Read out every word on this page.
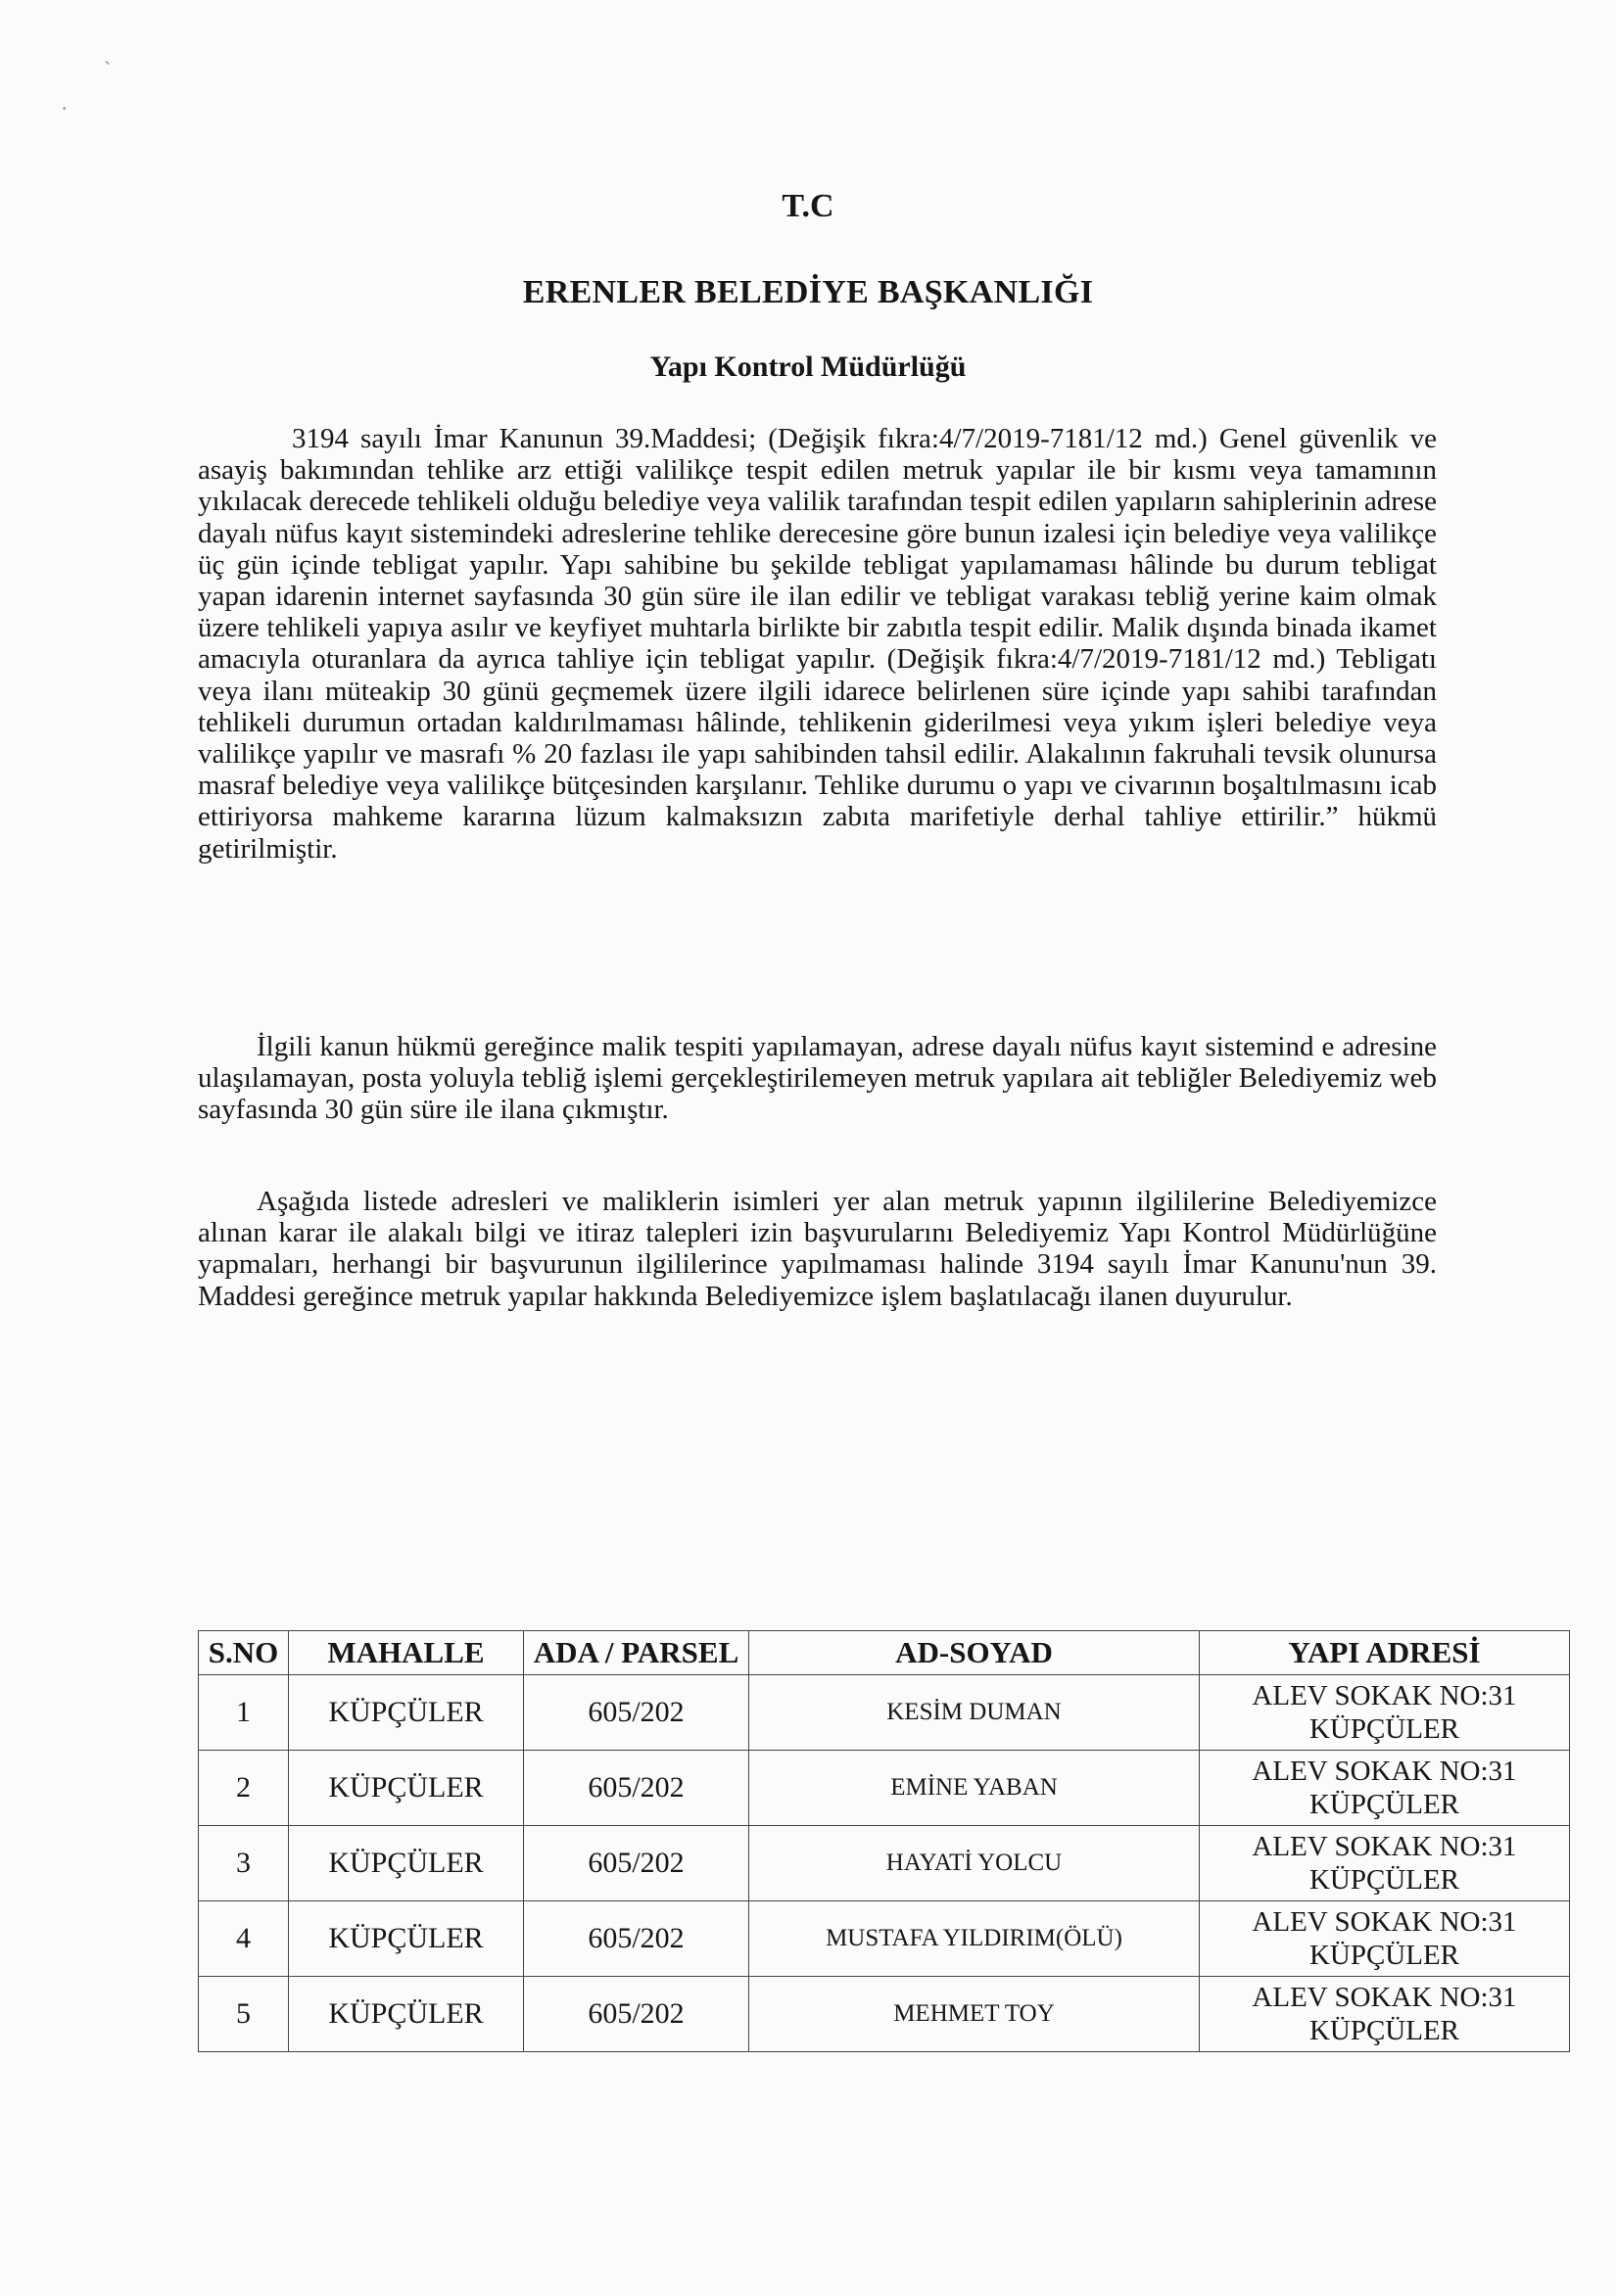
`
·
T.C
ERENLER BELEDİYE BAŞKANLIĞI
Yapı Kontrol Müdürlüğü

3194 sayılı İmar Kanunun 39.Maddesi; (Değişik fıkra:4/7/2019-7181/12 md.) Genel güvenlik ve asayiş bakımından tehlike arz ettiği valilikçe tespit edilen metruk yapılar ile bir kısmı veya tamamının yıkılacak derecede tehlikeli olduğu belediye veya valilik tarafından tespit edilen yapıların sahiplerinin adrese dayalı nüfus kayıt sistemindeki adreslerine tehlike derecesine göre bunun izalesi için belediye veya valilikçe üç gün içinde tebligat yapılır. Yapı sahibine bu şekilde tebligat yapılamaması hâlinde bu durum tebligat yapan idarenin internet sayfasında 30 gün süre ile ilan edilir ve tebligat varakası tebliğ yerine kaim olmak üzere tehlikeli yapıya asılır ve keyfiyet muhtarla birlikte bir zabıtla tespit edilir. Malik dışında binada ikamet amacıyla oturanlara da ayrıca tahliye için tebligat yapılır. (Değişik fıkra:4/7/2019-7181/12 md.) Tebligatı veya ilanı müteakip 30 günü geçmemek üzere ilgili idarece belirlenen süre içinde yapı sahibi tarafından tehlikeli durumun ortadan kaldırılmaması hâlinde, tehlikenin giderilmesi veya yıkım işleri belediye veya valilikçe yapılır ve masrafı % 20 fazlası ile yapı sahibinden tahsil edilir. Alakalının fakruhali tevsik olunursa masraf belediye veya valilikçe bütçesinden karşılanır. Tehlike durumu o yapı ve civarının boşaltılmasını icab ettiriyorsa mahkeme kararına lüzum kalmaksızın zabıta marifetiyle derhal tahliye ettirilir.” hükmü getirilmiştir.

İlgili kanun hükmü gereğince malik tespiti yapılamayan, adrese dayalı nüfus kayıt sistemind e adresine ulaşılamayan, posta yoluyla tebliğ işlemi gerçekleştirilemeyen metruk yapılara ait tebliğler Belediyemiz web sayfasında 30 gün süre ile ilana çıkmıştır.

Aşağıda listede adresleri ve maliklerin isimleri yer alan metruk yapının ilgililerine Belediyemizce alınan karar ile alakalı bilgi ve itiraz talepleri izin başvurularını Belediyemiz Yapı Kontrol Müdürlüğüne yapmaları, herhangi bir başvurunun ilgililerince yapılmaması halinde 3194 sayılı İmar Kanunu'nun 39. Maddesi gereğince metruk yapılar hakkında Belediyemizce işlem başlatılacağı ilanen duyurulur.

S.NO	MAHALLE	ADA / PARSEL	AD-SOYAD	YAPI ADRESİ
1	KÜPÇÜLER	605/202	KESİM DUMAN	ALEV SOKAK NO:31
KÜPÇÜLER

2	KÜPÇÜLER	605/202	EMİNE YABAN	ALEV SOKAK NO:31
KÜPÇÜLER

3	KÜPÇÜLER	605/202	HAYATİ YOLCU	ALEV SOKAK NO:31
KÜPÇÜLER

4	KÜPÇÜLER	605/202	MUSTAFA YILDIRIM(ÖLÜ)	ALEV SOKAK NO:31
KÜPÇÜLER

5	KÜPÇÜLER	605/202	MEHMET TOY	ALEV SOKAK NO:31
KÜPÇÜLER
